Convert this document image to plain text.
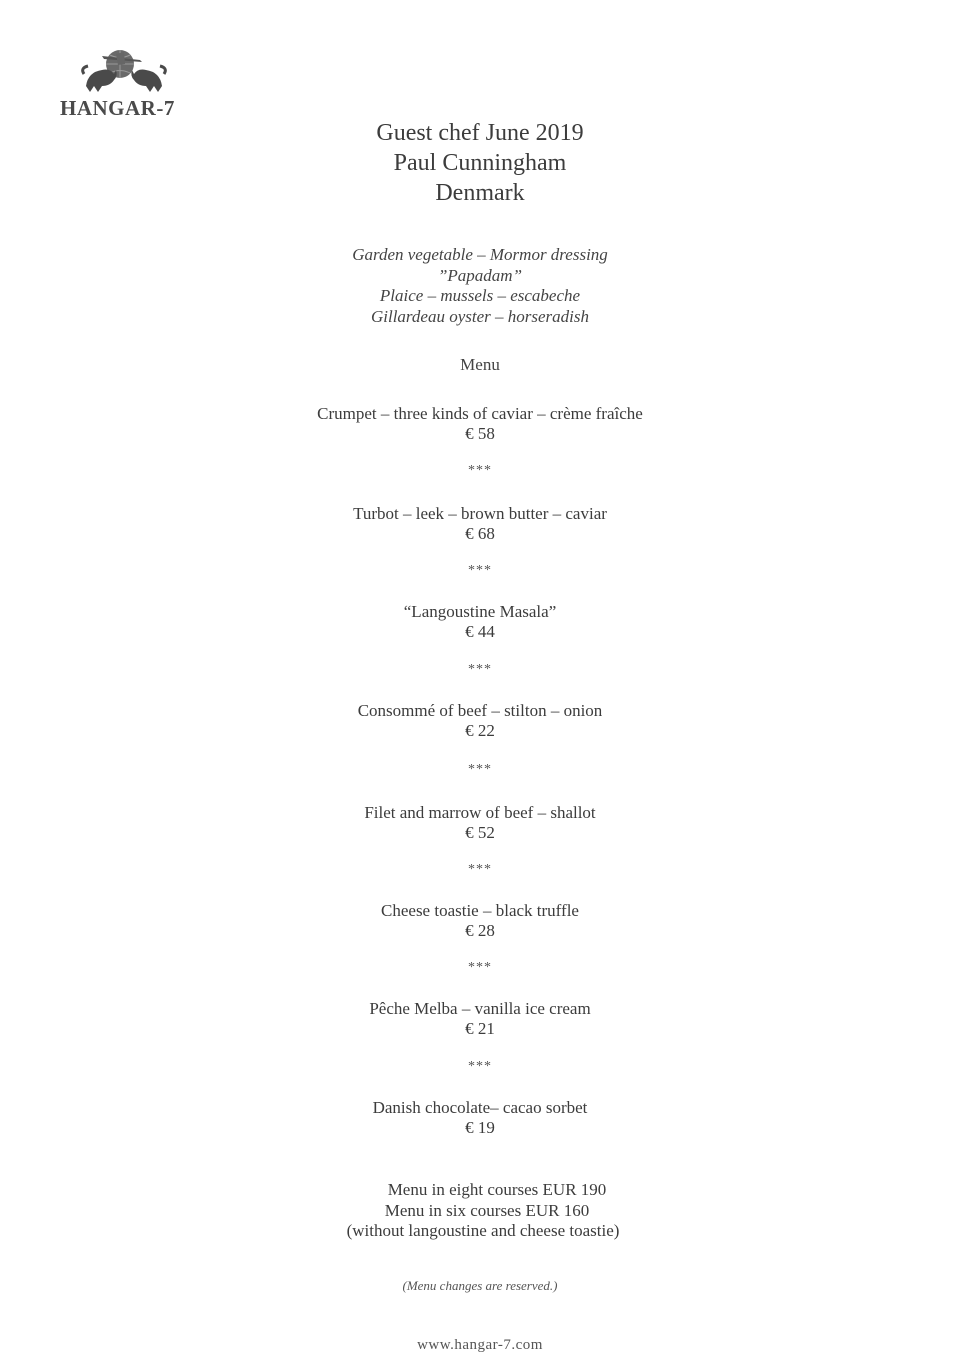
HANGAR-7
Guest chef June 2019
Paul Cunningham
Denmark
Garden vegetable – Mormor dressing
”Papadam”
Plaice – mussels – escabeche
Gillardeau oyster – horseradish
Menu
Crumpet – three kinds of caviar – crème fraîche
€ 58
***
Turbot – leek – brown butter – caviar
€ 68
***
“Langoustine Masala”
€ 44
***
Consommé of beef – stilton – onion
€ 22
***
Filet and marrow of beef – shallot
€ 52
***
Cheese toastie – black truffle
€ 28
***
Pêche Melba – vanilla ice cream
€ 21
***
Danish chocolate– cacao sorbet
€ 19
Menu in eight courses EUR 190
Menu in six courses EUR 160
(without langoustine and cheese toastie)
(Menu changes are reserved.)
www.hangar-7.com
